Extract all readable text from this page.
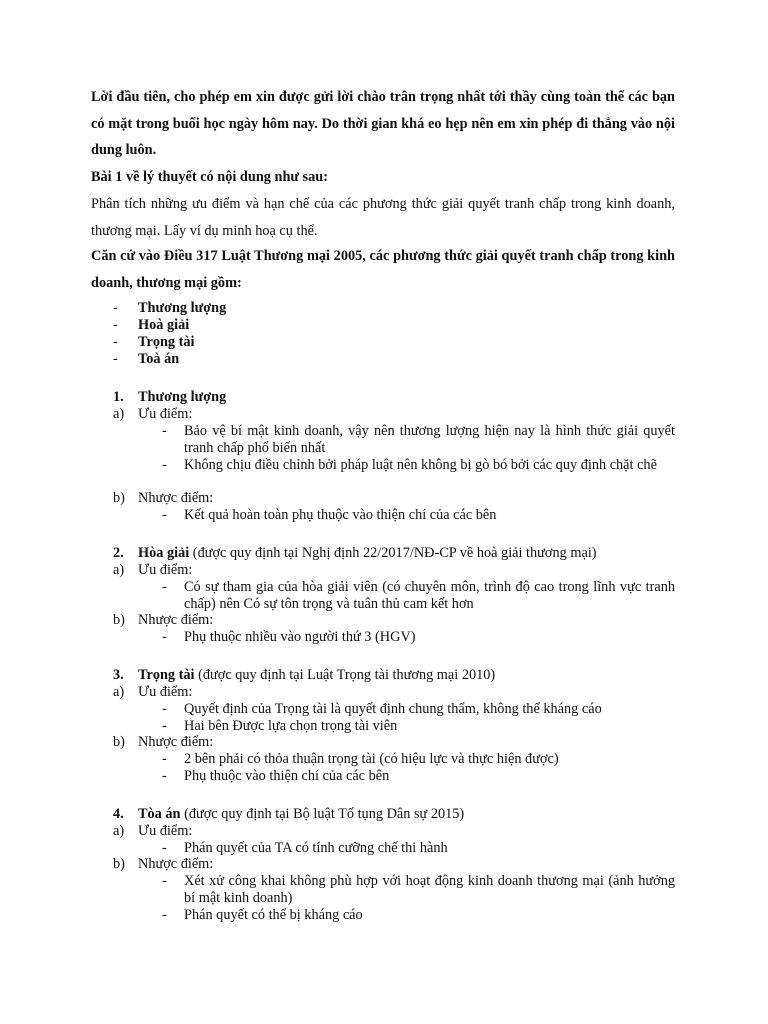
Lời đầu tiên, cho phép em xin được gửi lời chào trân trọng nhất tới thầy cùng toàn thể các bạn có mặt trong buổi học ngày hôm nay. Do thời gian khá eo hẹp nên em xin phép đi thẳng vào nội dung luôn.

Bài 1 về lý thuyết có nội dung như sau:

Phân tích những ưu điểm và hạn chế của các phương thức giải quyết tranh chấp trong kinh doanh, thương mại. Lấy ví dụ minh hoạ cụ thể.

Căn cứ vào Điều 317 Luật Thương mại 2005, các phương thức giải quyết tranh chấp trong kinh doanh, thương mại gồm:

- Thương lượng
- Hoà giải
- Trọng tài
- Toà án
1. Thương lượng
a) Ưu điểm:
- Bảo vệ bí mật kinh doanh, vậy nên thương lượng hiện nay là hình thức giải quyết tranh chấp phổ biến nhất
- Không chịu điều chỉnh bởi pháp luật nên không bị gò bó bởi các quy định chặt chẽ
b) Nhược điểm:
- Kết quả hoàn toàn phụ thuộc vào thiện chí của các bên
2. Hòa giải (được quy định tại Nghị định 22/2017/NĐ-CP về hoà giải thương mại)
a) Ưu điểm:
- Có sự tham gia của hòa giải viên (có chuyên môn, trình độ cao trong lĩnh vực tranh chấp) nên Có sự tôn trọng và tuân thủ cam kết hơn
b) Nhược điểm:
- Phụ thuộc nhiều vào người thứ 3 (HGV)
3. Trọng tài (được quy định tại Luật Trọng tài thương mại 2010)
a) Ưu điểm:
- Quyết định của Trọng tài là quyết định chung thẩm, không thể kháng cáo
- Hai bên Được lựa chọn trọng tài viên
b) Nhược điểm:
- 2 bên phải có thỏa thuận trọng tài (có hiệu lực và thực hiện được)
- Phụ thuộc vào thiện chí của các bên
4. Tòa án (được quy định tại Bộ luật Tố tụng Dân sự 2015)
a) Ưu điểm:
- Phán quyết của TA có tính cưỡng chế thi hành
b) Nhược điểm:
- Xét xử công khai không phù hợp với hoạt động kinh doanh thương mại (ảnh hưởng bí mật kinh doanh)
- Phán quyết có thể bị kháng cáo
